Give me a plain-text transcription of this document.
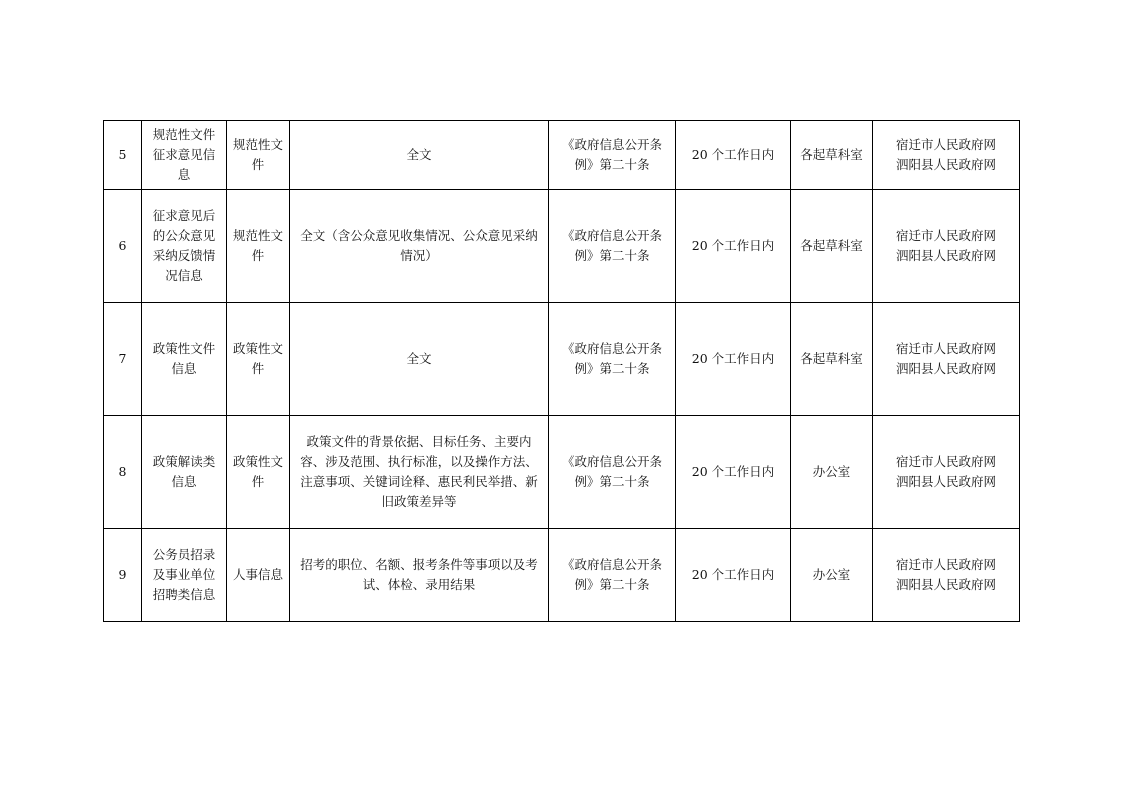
5	规范性文件征求意见信息	规范性文件	全文	《政府信息公开条例》第二十条	20 个工作日内	各起草科室	宿迁市人民政府网
泗阳县人民政府网
6	征求意见后的公众意见采纳反馈情况信息	规范性文件	全文（含公众意见收集情况、公众意见采纳情况）	《政府信息公开条例》第二十条	20 个工作日内	各起草科室	宿迁市人民政府网
泗阳县人民政府网
7	政策性文件信息	政策性文件	全文	《政府信息公开条例》第二十条	20 个工作日内	各起草科室	宿迁市人民政府网
泗阳县人民政府网
8	政策解读类信息	政策性文件	政策文件的背景依据、目标任务、主要内容、涉及范围、执行标准，以及操作方法、注意事项、关键词诠释、惠民利民举措、新旧政策差异等	《政府信息公开条例》第二十条	20 个工作日内	办公室	宿迁市人民政府网
泗阳县人民政府网
9	公务员招录及事业单位招聘类信息	人事信息	招考的职位、名额、报考条件等事项以及考试、体检、录用结果	《政府信息公开条例》第二十条	20 个工作日内	办公室	宿迁市人民政府网
泗阳县人民政府网
